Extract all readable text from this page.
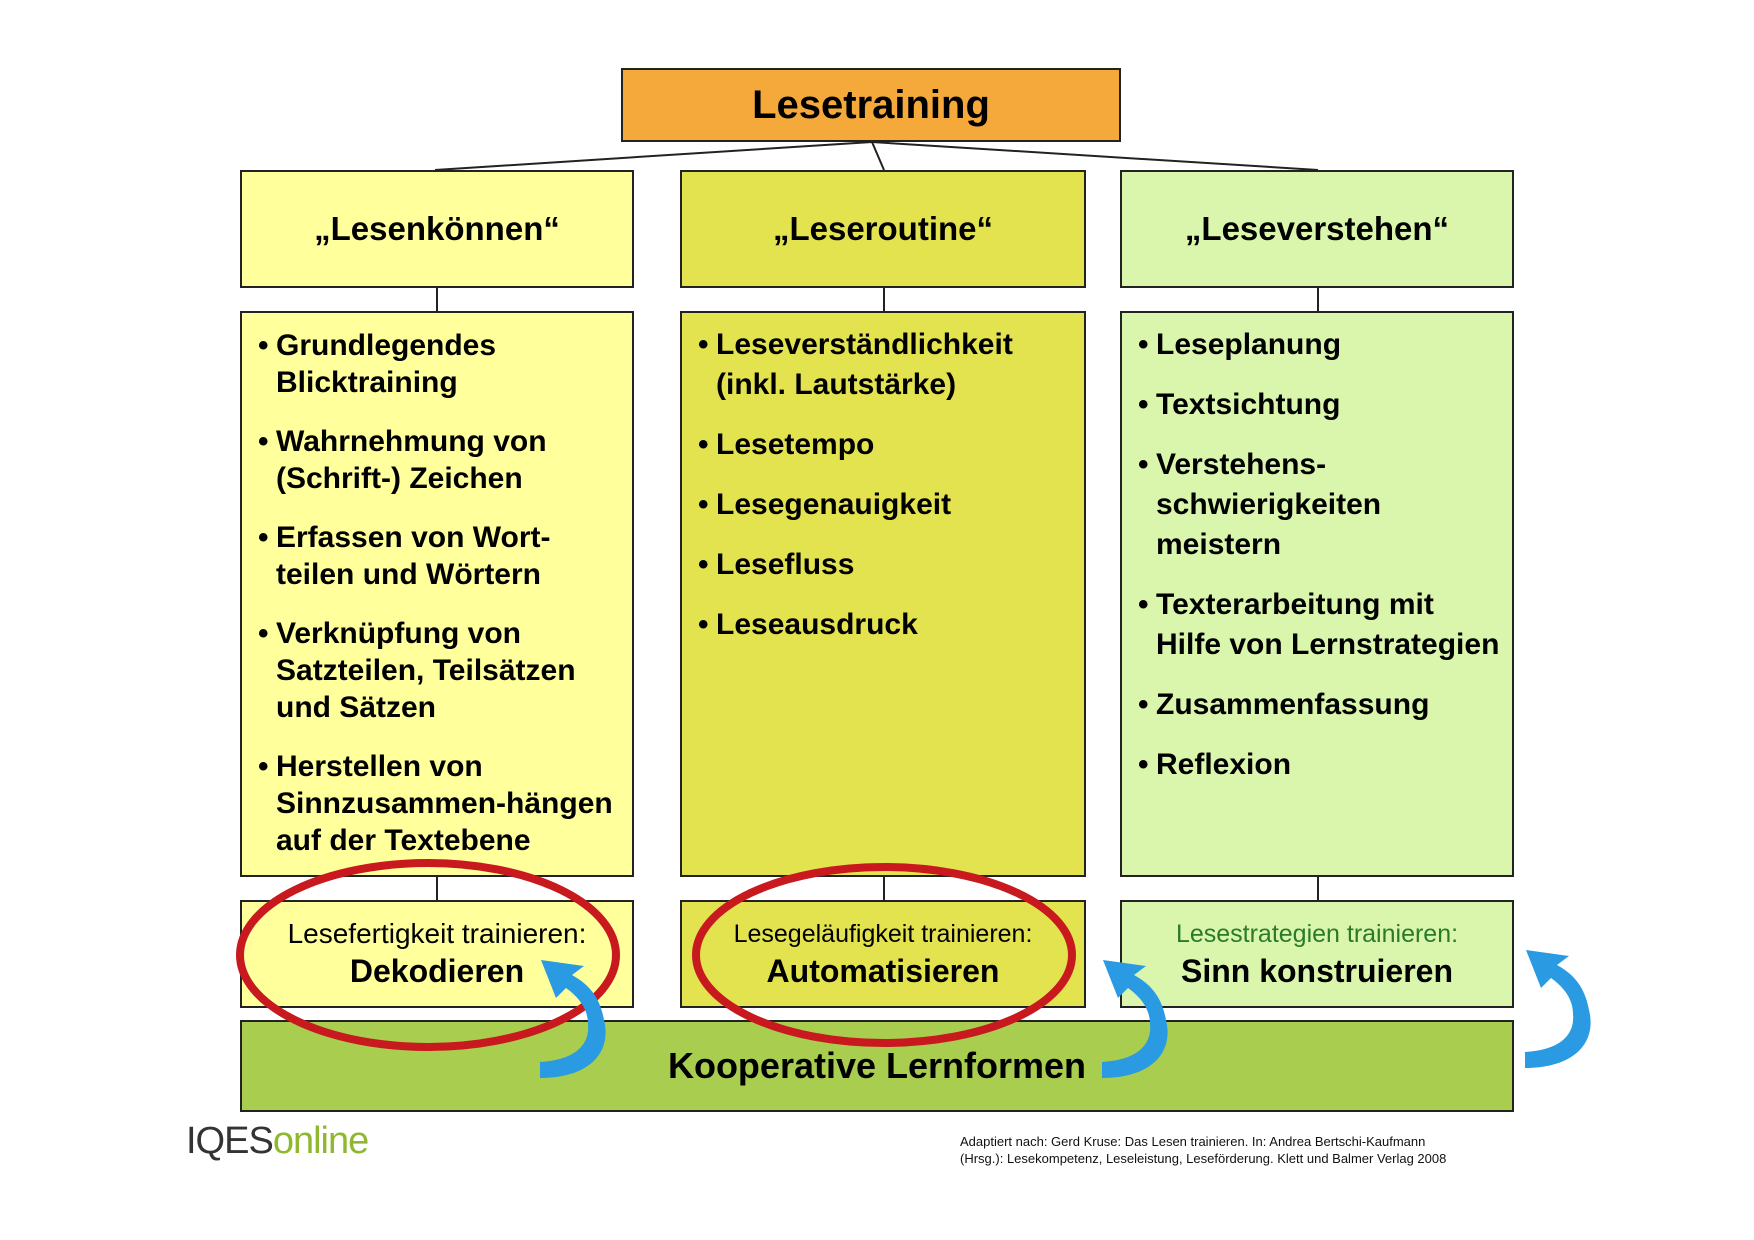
Lesetraining
„Lesenkönnen“	„Leseroutine“	„Leseverstehen“
• Grundlegendes Blicktraining
• Wahrnehmung von (Schrift-) Zeichen
• Erfassen von Wort-teilen und Wörtern
• Verknüpfung von Satzteilen, Teilsätzen und Sätzen
• Herstellen von Sinnzusammen-hängen auf der Textebene
• Leseverständlichkeit (inkl. Lautstärke)
• Lesetempo
• Lesegenauigkeit
• Lesefluss
• Leseausdruck
• Leseplanung
• Textsichtung
• Verstehens-schwierigkeiten meistern
• Texterarbeitung mit Hilfe von Lernstrategien
• Zusammenfassung
• Reflexion
Lesefertigkeit trainieren:
Dekodieren
Lesegeläufigkeit trainieren:
Automatisieren
Lesestrategien trainieren:
Sinn konstruieren
Kooperative Lernformen
IQESonline	Adaptiert nach: Gerd Kruse: Das Lesen trainieren. In: Andrea Bertschi-Kaufmann
(Hrsg.): Lesekompetenz, Leseleistung, Leseförderung. Klett und Balmer Verlag 2008
